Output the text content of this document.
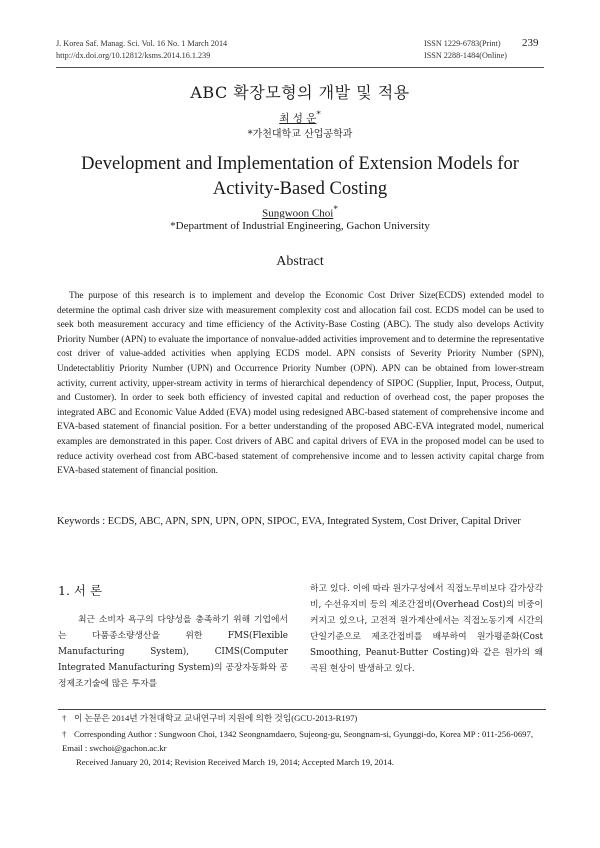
J. Korea Saf. Manag. Sci. Vol. 16 No. 1 March 2014
http://dx.doi.org/10.12812/ksms.2014.16.1.239
ISSN 1229-6783(Print)
ISSN 2288-1484(Online)
239
ABC 확장모형의 개발 및 적용
최 성 운*
*가천대학교 산업공학과
Development and Implementation of Extension Models for
Activity-Based Costing
Sungwoon Choi*
*Department of Industrial Engineering, Gachon University
Abstract
The purpose of this research is to implement and develop the Economic Cost Driver Size(ECDS) extended model to determine the optimal cash driver size with measurement complexity cost and allocation fail cost. ECDS model can be used to seek both measurement accuracy and time efficiency of the Activity-Base Costing (ABC). The study also develops Activity Priority Number (APN) to evaluate the importance of nonvalue-added activities improvement and to determine the representative cost driver of value-added activities when applying ECDS model. APN consists of Severity Priority Number (SPN), Undetectablitiy Priority Number (UPN) and Occurrence Priority Number (OPN). APN can be obtained from lower-stream activity, current activity, upper-stream activity in terms of hierarchical dependency of SIPOC (Supplier, Input, Process, Output, and Customer). In order to seek both efficiency of invested capital and reduction of overhead cost, the paper proposes the integrated ABC and Economic Value Added (EVA) model using redesigned ABC-based statement of comprehensive income and EVA-based statement of financial position. For a better understanding of the proposed ABC-EVA integrated model, numerical examples are demonstrated in this paper. Cost drivers of ABC and capital drivers of EVA in the proposed model can be used to reduce activity overhead cost from ABC-based statement of comprehensive income and to lessen activity capital charge from EVA-based statement of financial position.
Keywords : ECDS, ABC, APN, SPN, UPN, OPN, SIPOC, EVA, Integrated System, Cost Driver, Capital Driver
1. 서 론
최근 소비자 욕구의 다양성을 충족하기 위해 기업에서는 다품종소량생산을 위한 FMS(Flexible Manufacturing System), CIMS(Computer Integrated Manufacturing System)의 공장자동화와 공정제조기술에 많은 투자를
하고 있다. 이에 따라 원가구성에서 직접노무비보다 감가상각비, 수선유지비 등의 제조간접비(Overhead Cost)의 비중이 커지고 있으나, 고전적 원가계산에서는 직접노동기계 시간의 단일기준으로 제조간접비를 배부하여 원가평준화(Cost Smoothing, Peanut-Butter Costing)와 같은 원가의 왜곡된 현상이 발생하고 있다.
† 이 논문은 2014년 가천대학교 교내연구비 지원에 의한 것임(GCU-2013-R197)
† Corresponding Author : Sungwoon Choi, 1342 Seongnamdaero, Sujeong-gu, Seongnam-si, Gyunggi-do, Korea MP : 011-256-0697, Email : swchoi@gachon.ac.kr
Received January 20, 2014; Revision Received March 19, 2014; Accepted March 19, 2014.
